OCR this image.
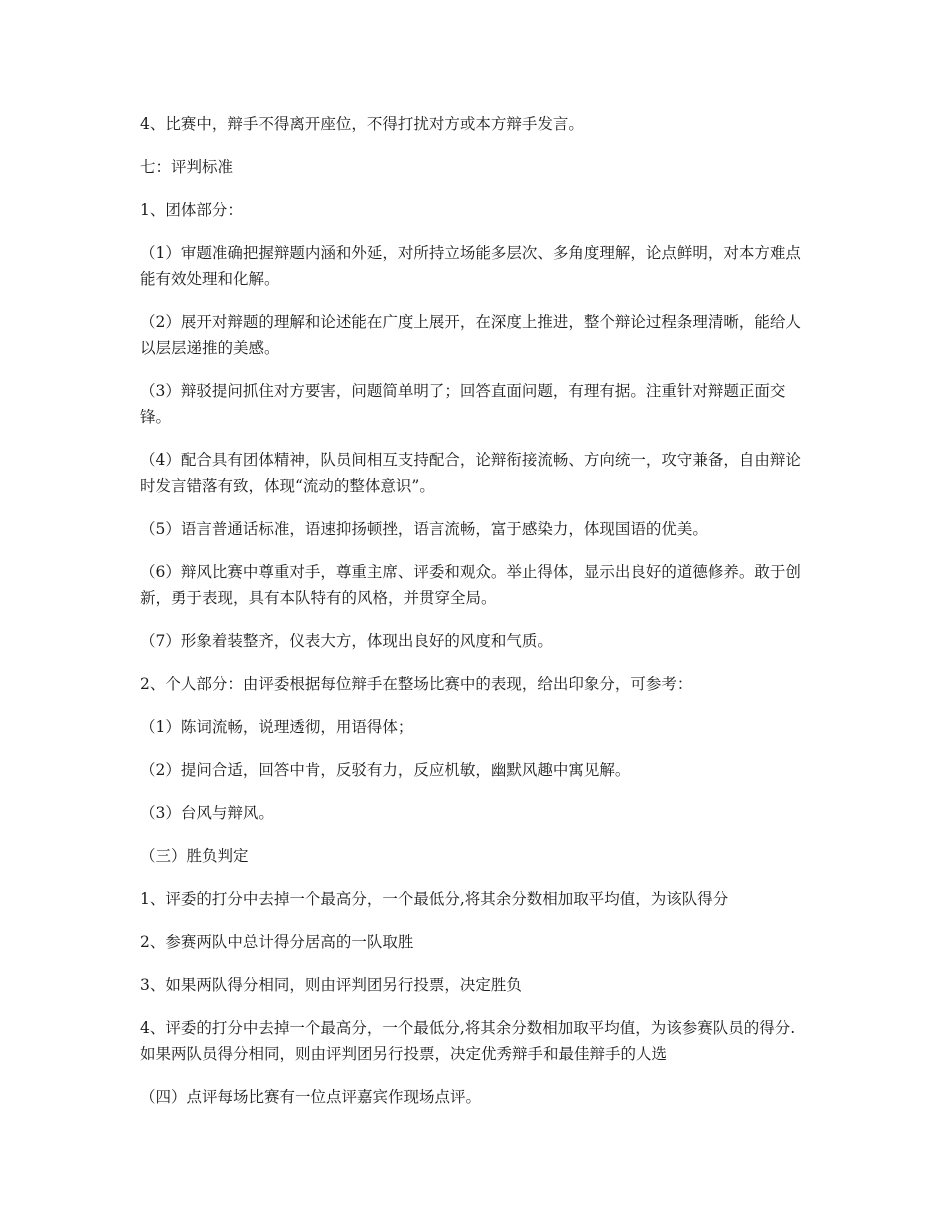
4、比赛中，辩手不得离开座位，不得打扰对方或本方辩手发言。

七：评判标准

1、团体部分：

（1）审题准确把握辩题内涵和外延，对所持立场能多层次、多角度理解，论点鲜明，对本方难点能有效处理和化解。

（2）展开对辩题的理解和论述能在广度上展开，在深度上推进，整个辩论过程条理清晰，能给人以层层递推的美感。

（3）辩驳提问抓住对方要害，问题简单明了；回答直面问题，有理有据。注重针对辩题正面交锋。

（4）配合具有团体精神，队员间相互支持配合，论辩衔接流畅、方向统一，攻守兼备，自由辩论时发言错落有致，体现“流动的整体意识”。

（5）语言普通话标准，语速抑扬顿挫，语言流畅，富于感染力，体现国语的优美。

（6）辩风比赛中尊重对手，尊重主席、评委和观众。举止得体，显示出良好的道德修养。敢于创新，勇于表现，具有本队特有的风格，并贯穿全局。

（7）形象着装整齐，仪表大方，体现出良好的风度和气质。

2、个人部分：由评委根据每位辩手在整场比赛中的表现，给出印象分，可参考：

（1）陈词流畅，说理透彻，用语得体；

（2）提问合适，回答中肯，反驳有力，反应机敏，幽默风趣中寓见解。

（3）台风与辩风。

（三）胜负判定

1、评委的打分中去掉一个最高分，一个最低分,将其余分数相加取平均值，为该队得分

2、参赛两队中总计得分居高的一队取胜

3、如果两队得分相同，则由评判团另行投票，决定胜负

4、评委的打分中去掉一个最高分，一个最低分,将其余分数相加取平均值，为该参赛队员的得分.如果两队员得分相同，则由评判团另行投票，决定优秀辩手和最佳辩手的人选

（四）点评每场比赛有一位点评嘉宾作现场点评。
